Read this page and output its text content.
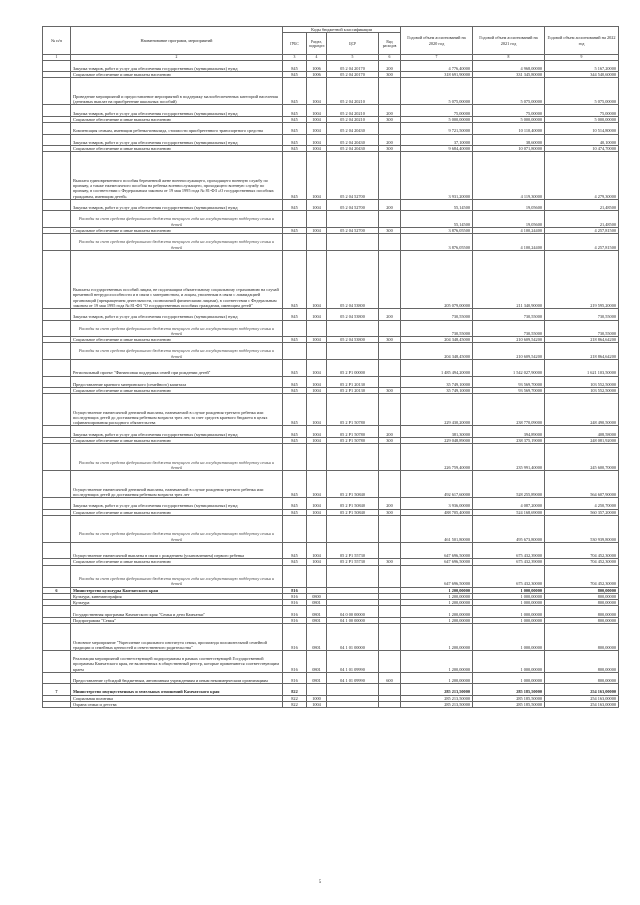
№ п/п	Наименование программ, мероприятий	Коды бюджетной классификации				Годовой объем ассигнований на 2020 год	Годовой объем ассигнований на 2021 год	Годовой объем ассигнований на 2022 год
		ГРБС	Раздел, подраздел	ЦСР	Вид расходов			
1	2	3	4	5	6	7	8	9
	Закупка товаров, работ и услуг для обеспечения государственных (муниципальных) нужд	845	1006	05 2 04 20170	200	4 776,40000	4 968,00000	5 167,20000
	Социальное обеспечение и иные выплаты населению	845	1006	05 2 04 20170	300	318 691,90000	331 345,80000	344 540,60000
	Проведение мероприятий и предоставление мероприятий в поддержку малообеспеченных категорий населения (денежных выплат на приобретение школьных пособий)	845	1004	05 2 04 20210		5 075,00000	5 075,00000	5 075,00000
	Закупка товаров, работ и услуг для обеспечения государственных (муниципальных) нужд	845	1004	05 2 04 20210	200	75,00000	75,00000	75,00000
	Социальное обеспечение и иные выплаты населению	845	1004	05 2 04 20210	300	5 000,00000	5 000,00000	5 000,00000
	Компенсация семьям, имеющим ребенка-инвалида, стоимости приобретенного транспортного средства	845	1004	05 2 04 20430		9 721,50000	10 110,40000	10 514,80000
	Закупка товаров, работ и услуг для обеспечения государственных (муниципальных) нужд	845	1004	05 2 04 20430	200	37,10000	38,60000	40,10000
	Социальное обеспечение и иные выплаты населению	845	1004	05 2 04 20430	300	9 684,40000	10 071,80000	10 474,70000
	Выплата единовременного пособия беременной жене военнослужащего, проходящего военную службу по призыву, а также ежемесячного пособия на ребенка военнослужащего, проходящего военную службу по призыву, в соответствии с Федеральным законом от 19 мая 1995 года № 81-ФЗ «О государственных пособиях гражданам, имеющим детей»	845	1004	05 2 04 52700		3 931,20000	4 119,30000	4 279,30000
	Закупка товаров, работ и услуг для обеспечения государственных (муниципальных) нужд	845	1004	05 2 04 52700	200	55,14500	19,05600	21,48500
	Расходы за счет средств федерального бюджета текущего года на государственную поддержку семьи и детей					55,14500	19,05600	21,48500
	Социальное обеспечение и иные выплаты населению	845	1004	05 2 04 52700	300	3 876,05500	4 100,24400	4 257,81500
	Расходы за счет средств федерального бюджета текущего года на государственную поддержку семьи и детей					3 876,05500	4 100,24400	4 257,81500
	Выплаты государственных пособий лицам, не подлежащим обязательному социальному страхованию на случай временной нетрудоспособности и в связи с материнством, и лицам, уволенным в связи с ликвидацией организаций (прекращением деятельности, полномочий физическими лицами), в соответствии с Федеральным законом от 19 мая 1995 года № 81-ФЗ "О государственных пособиях гражданам, имеющим детей"	845	1004	05 2 04 53800		205 079,00000	211 340,90000	219 595,20000
	Закупка товаров, работ и услуг для обеспечения государственных (муниципальных) нужд	845	1004	05 2 04 53800	200	730,55000	730,55000	730,55000
	Расходы за счет средств федерального бюджета текущего года на государственную поддержку семьи и детей					730,55000	730,55000	730,55000
	Социальное обеспечение и иные выплаты населению	845	1004	05 2 04 53800	300	204 348,45000	210 609,54200	218 864,64200
	Расходы за счет средств федерального бюджета текущего года на государственную поддержку семьи и детей					204 348,45000	210 609,54200	218 864,64200
	Региональный проект "Финансовая поддержка семей при рождении детей"	845	1004	05 2 P1 00000		1 485 494,20000	1 542 027,90000	1 621 103,50000
	Предоставление краевого материнского (семейного) капитала	845	1004	05 2 P1 20130		35 749,10000	93 569,70000	103 552,50000
	Социальное обеспечение и иные выплаты населению	845	1004	05 2 P1 20130	300	35 749,10000	93 569,70000	103 552,50000
	Осуществление ежемесячной денежной выплаты, назначаемой в случае рождения третьего ребенка или последующих детей до достижения ребенком возраста трех лет, за счет средств краевого бюджета в целях софинансирования расходного обязательства	845	1004	05 2 P1 50780		229 430,20000	238 770,09000	248 490,50000
	Закупка товаров, работ и услуг для обеспечения государственных (муниципальных) нужд	845	1004	05 2 P1 50780	200	381,30000	394,89000	408,58000
	Социальное обеспечение и иные выплаты населению	845	1004	05 2 P1 50780	300	229 048,89000	238 375,19000	248 081,92000
	Расходы за счет средств федерального бюджета текущего года на государственную поддержку семьи и детей					226 759,40000	235 991,40000	245 600,70000
	Осуществление ежемесячной денежной выплаты, назначаемой в случае рождения третьего ребенка или последующих детей до достижения ребенком возраста трех лет	845	1004	05 2 P1 50840		492 617,60000	528 255,89000	564 607,90000
	Закупка товаров, работ и услуг для обеспечения государственных (муниципальных) нужд	845	1004	05 2 P1 50840	200	3 936,00000	4 087,20000	4 250,70000
	Социальное обеспечение и иные выплаты населению	845	1004	05 2 P1 50840	300	488 705,40000	524 168,69000	560 357,20000
	Расходы за счет средств федерального бюджета текущего года на государственную поддержку семьи и детей					461 501,80000	495 673,80000	530 939,80000
	Осуществление ежемесячной выплаты в связи с рождением (усыновлением) первого ребенка	845	1004	05 2 P1 55730		647 696,50000	675 432,39000	704 452,30000
	Социальное обеспечение и иные выплаты населению	845	1004	05 2 P1 55730	300	647 696,50000	675 432,39000	704 452,30000
	Расходы за счет средств федерального бюджета текущего года на государственную поддержку семьи и детей					647 696,50000	675 432,30000	704 452,30000
6	Министерство культуры Камчатского края	816				1 200,00000	1 000,00000	800,00000
	Культура, кинематография	816	0800			1 200,00000	1 000,00000	800,00000
	Культура	816	0801			1 200,00000	1 000,00000	800,00000
	Государственная программа Камчатского края "Семья и дети Камчатки"	816	0801	04 0 00 00000		1 200,00000	1 000,00000	800,00000
	Подпрограмма "Семья"	816	0801	04 1 00 00000		1 200,00000	1 000,00000	800,00000
	Основное мероприятие "Укрепление социального института семьи, пропаганда положительной семейной традиции и семейных ценностей и ответственного родительства"	816	0801	04 1 01 00000		1 200,00000	1 000,00000	800,00000
	Реализация мероприятий соответствующей подпрограммы в рамках соответствующей Государственной программы Камчатского края, не включенных в общественный реестр, которые применяются соответствующим краем	816	0801	04 1 01 09990		1 200,00000	1 000,00000	800,00000
	Предоставление субсидий бюджетным, автономным учреждениям и иным некоммерческим организациям	816	0801	04 1 01 09990	600	1 200,00000	1 000,00000	800,00000
7	Министерство имущественных и земельных отношений Камчатского края	822				285 213,50000	285 185,50000	254 163,00000
	Социальная политика	822	1000			285 213,50000	285 185,50000	254 163,00000
	Охрана семьи и детства	822	1004			285 213,50000	285 185,50000	254 163,00000
5
